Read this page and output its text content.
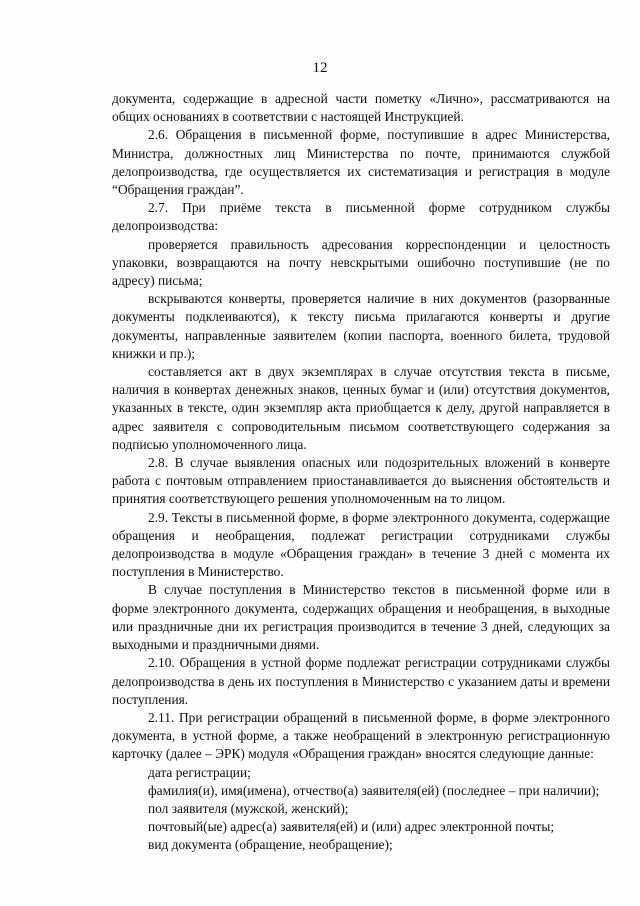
12

документа, содержащие в адресной части пометку «Лично», рассматриваются на общих основаниях в соответствии с настоящей Инструкцией.

2.6. Обращения в письменной форме, поступившие в адрес Министерства, Министра, должностных лиц Министерства по почте, принимаются службой делопроизводства, где осуществляется их систематизация и регистрация в модуле “Обращения граждан”.

2.7. При приёме текста в письменной форме сотрудником службы делопроизводства:

проверяется правильность адресования корреспонденции и целостность упаковки, возвращаются на почту невскрытыми ошибочно поступившие (не по адресу) письма;

вскрываются конверты, проверяется наличие в них документов (разорванные документы подклеиваются), к тексту письма прилагаются конверты и другие документы, направленные заявителем (копии паспорта, военного билета, трудовой книжки и пр.);

составляется акт в двух экземплярах в случае отсутствия текста в письме, наличия в конвертах денежных знаков, ценных бумаг и (или) отсутствия документов, указанных в тексте, один экземпляр акта приобщается к делу, другой направляется в адрес заявителя с сопроводительным письмом соответствующего содержания за подписью уполномоченного лица.

2.8. В случае выявления опасных или подозрительных вложений в конверте работа с почтовым отправлением приостанавливается до выяснения обстоятельств и принятия соответствующего решения уполномоченным на то лицом.

2.9. Тексты в письменной форме, в форме электронного документа, содержащие обращения и необращения, подлежат регистрации сотрудниками службы делопроизводства в модуле «Обращения граждан» в течение 3 дней с момента их поступления в Министерство.

В случае поступления в Министерство текстов в письменной форме или в форме электронного документа, содержащих обращения и необращения, в выходные или праздничные дни их регистрация производится в течение 3 дней, следующих за выходными и праздничными днями.

2.10. Обращения в устной форме подлежат регистрации сотрудниками службы делопроизводства в день их поступления в Министерство с указанием даты и времени поступления.

2.11. При регистрации обращений в письменной форме, в форме электронного документа, в устной форме, а также необращений в электронную регистрационную карточку (далее – ЭРК) модуля «Обращения граждан» вносятся следующие данные:

дата регистрации;

фамилия(и), имя(имена), отчество(а) заявителя(ей) (последнее – при наличии);

пол заявителя (мужской, женский);

почтовый(ые) адрес(а) заявителя(ей) и (или) адрес электронной почты;

вид документа (обращение, необращение);
